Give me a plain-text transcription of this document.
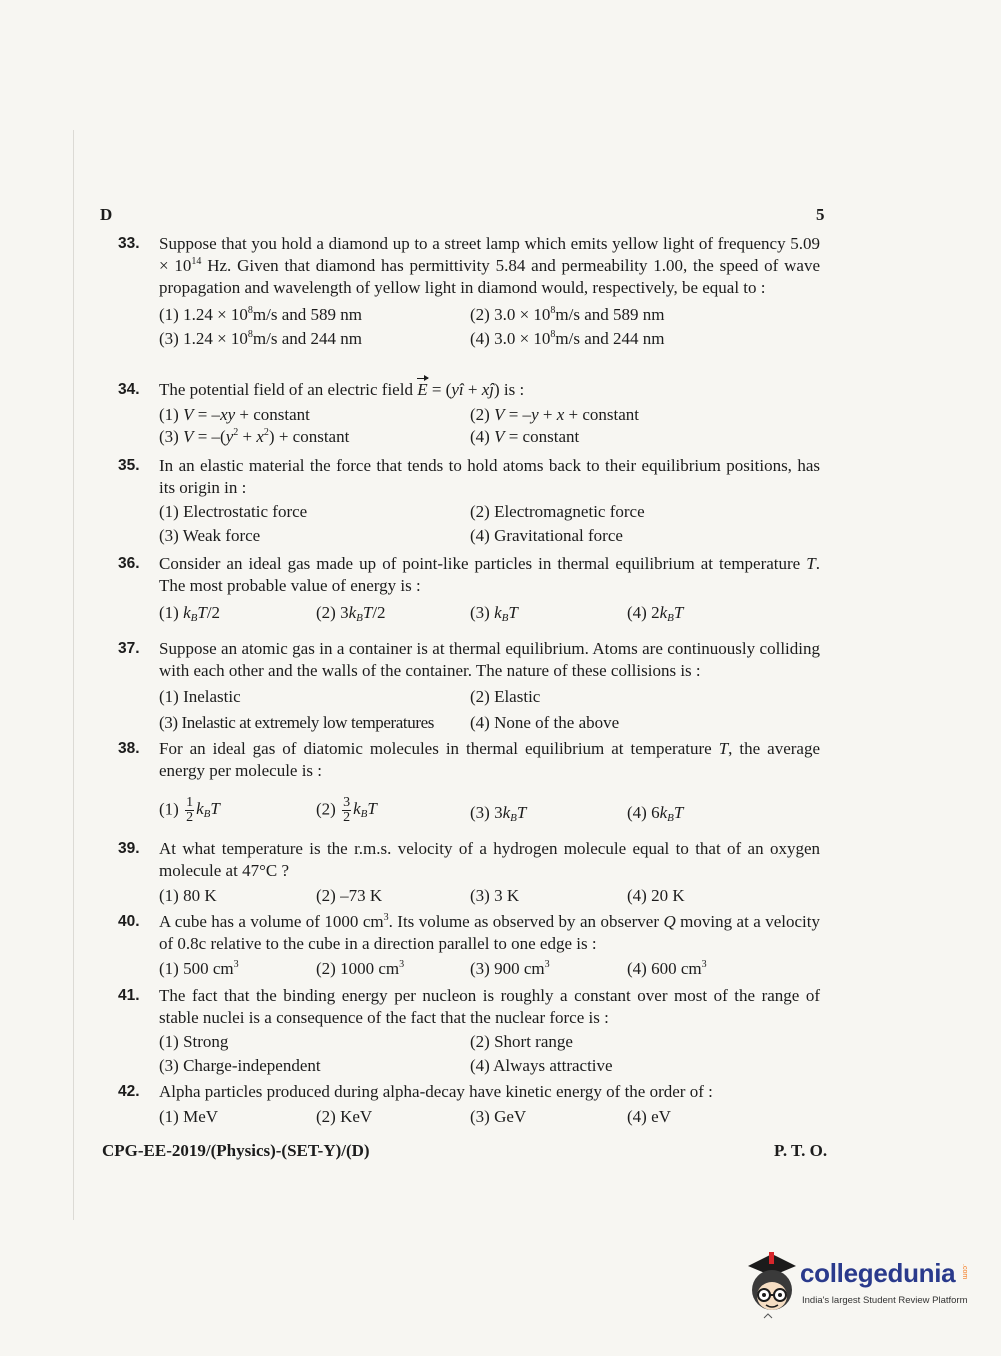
D	5
33.	Suppose that you hold a diamond up to a street lamp which emits yellow light of frequency $5.09 \times 10^{14}$ Hz. Given that diamond has permittivity 5.84 and permeability 1.00, the speed of wave propagation and wavelength of yellow light in diamond would, respectively, be equal to :
(1) $1.24 \times 10^8m/s$ and 589 nm	(2) $3.0 \times 10^8m/s$ and 589 nm
(3) $1.24 \times 10^8m/s$ and 244 nm	(4) $3.0 \times 10^8m/s$ and 244 nm
34.	The potential field of an electric field E = (yî + xĵ) is :
(1) V = –xy + constant	(2) V = –y + x + constant
(3) $V = -(y^2 + x^2)$ + constant	(4) V = constant
35.	In an elastic material the force that tends to hold atoms back to their equilibrium positions, has its origin in :
(1) Electrostatic force	(2) Electromagnetic force
(3) Weak force	(4) Gravitational force
36.	Consider an ideal gas made up of point-like particles in thermal equilibrium at temperature T. The most probable value of energy is :
(1) $k_BT/2$	(2) $3k_BT/2$	(3) $k_BT$	(4) $2k_BT$
37.	Suppose an atomic gas in a container is at thermal equilibrium. Atoms are continuously colliding with each other and the walls of the container. The nature of these collisions is :
(1) Inelastic	(2) Elastic
(3) Inelastic at extremely low temperatures (4) None of the above
38.	For an ideal gas of diatomic molecules in thermal equilibrium at temperature T, the average energy per molecule is :
$(1) \frac{1}{2} k_BT$	$(2) \frac{3}{2} k_BT$	(3) $3k_BT$	(4) $6k_BT$
39.	At what temperature is the r.m.s. velocity of a hydrogen molecule equal to that of an oxygen molecule at 47°C ?
(1) 80 K	(2) –73 K	(3) 3 K	(4) 20 K
40.	A cube has a volume of 1000 $cm^3$. Its volume as observed by an observer Q moving at a velocity of 0.8c relative to the cube in a direction parallel to one edge is :
(1) 500 $cm^3$	(2) 1000 $cm^3$	(3) 900 $cm^3$	(4) 600 $cm^3$
41.	The fact that the binding energy per nucleon is roughly a constant over most of the range of stable nuclei is a consequence of the fact that the nuclear force is :
(1) Strong	(2) Short range
(3) Charge-independent	(4) Always attractive
42.	Alpha particles produced during alpha-decay have kinetic energy of the order of :
(1) MeV	(2) KeV	(3) GeV	(4) eV
CPG-EE-2019/(Physics)-(SET-Y)/(D)	P. T. O.
collegedunia .com
India's largest Student Review Platform
